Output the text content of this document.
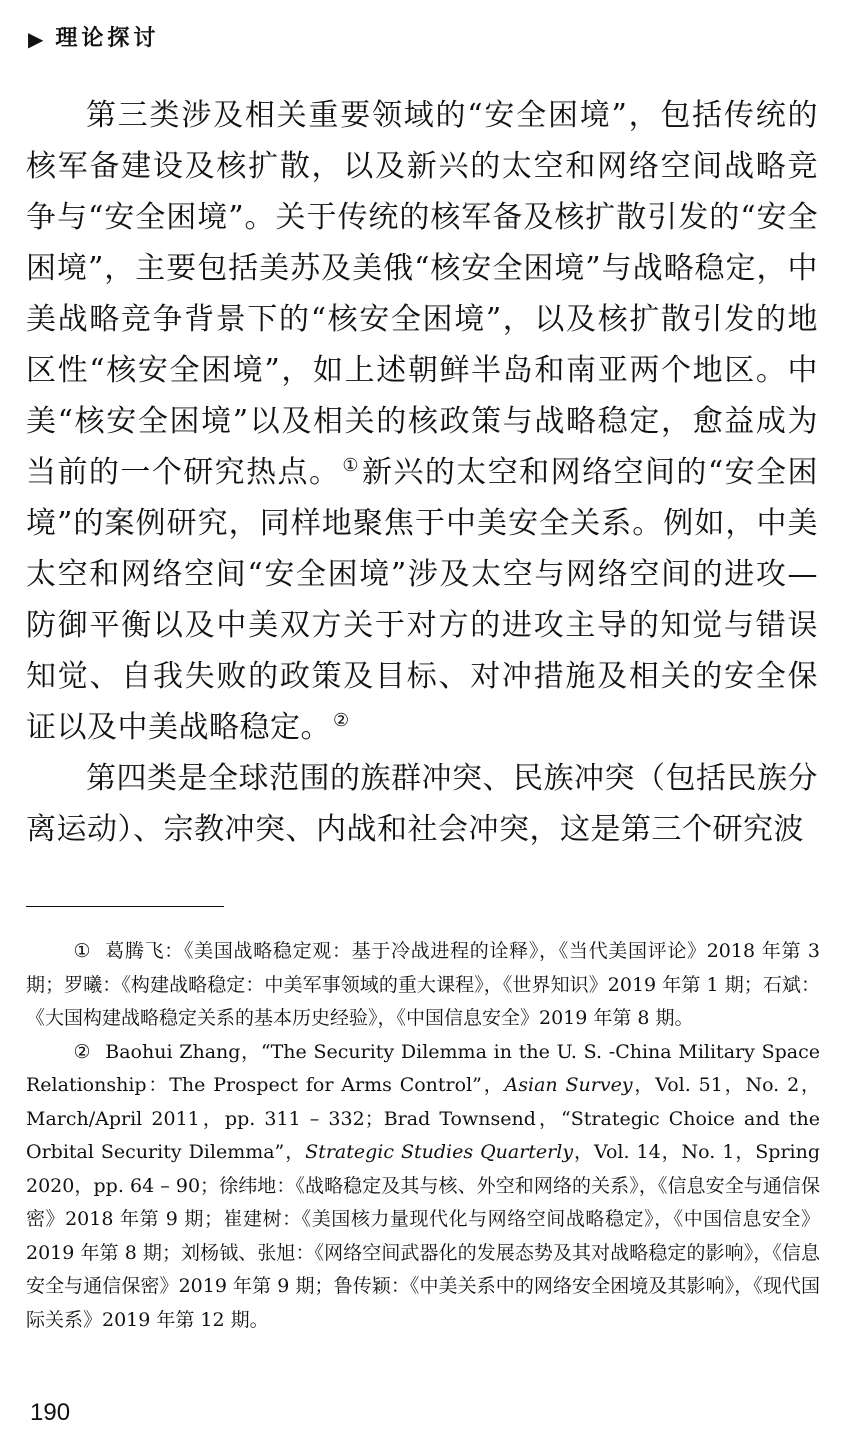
▶ 理论探讨

第三类涉及相关重要领域的“安全困境”，包括传统的核军备建设及核扩散，以及新兴的太空和网络空间战略竞争与“安全困境”。关于传统的核军备及核扩散引发的“安全困境”，主要包括美苏及美俄“核安全困境”与战略稳定，中美战略竞争背景下的“核安全困境”，以及核扩散引发的地区性“核安全困境”，如上述朝鲜半岛和南亚两个地区。中美“核安全困境”以及相关的核政策与战略稳定，愈益成为当前的一个研究热点。 ①新兴的太空和网络空间的“安全困境”的案例研究，同样地聚焦于中美安全关系。例如，中美太空和网络空间“安全困境”涉及太空与网络空间的进攻—防御平衡以及中美双方关于对方的进攻主导的知觉与错误知觉、自我失败的政策及目标、对冲措施及相关的安全保证以及中美战略稳定。 ②

第四类是全球范围的族群冲突、民族冲突（包括民族分离运动）、宗教冲突、内战和社会冲突，这是第三个研究波

① 葛腾飞：《美国战略稳定观：基于冷战进程的诠释》，《当代美国评论》2018 年第 3 期；罗曦：《构建战略稳定：中美军事领域的重大课程》，《世界知识》2019 年第 1 期；石斌：《大国构建战略稳定关系的基本历史经验》，《中国信息安全》2019 年第 8 期。

② Baohui Zhang，“The Security Dilemma in the U. S. -China Military Space Relationship：The Prospect for Arms Control”，Asian Survey，Vol. 51，No. 2，March/April 2011，pp. 311 – 332；Brad Townsend，“Strategic Choice and the Orbital Security Dilemma”，Strategic Studies Quarterly，Vol. 14，No. 1，Spring 2020，pp. 64 – 90；徐纬地：《战略稳定及其与核、外空和网络的关系》，《信息安全与通信保密》2018 年第 9 期；崔建树：《美国核力量现代化与网络空间战略稳定》，《中国信息安全》2019 年第 8 期；刘杨钺、张旭：《网络空间武器化的发展态势及其对战略稳定的影响》，《信息安全与通信保密》2019 年第 9 期；鲁传颖：《中美关系中的网络安全困境及其影响》，《现代国际关系》2019 年第 12 期。

190
